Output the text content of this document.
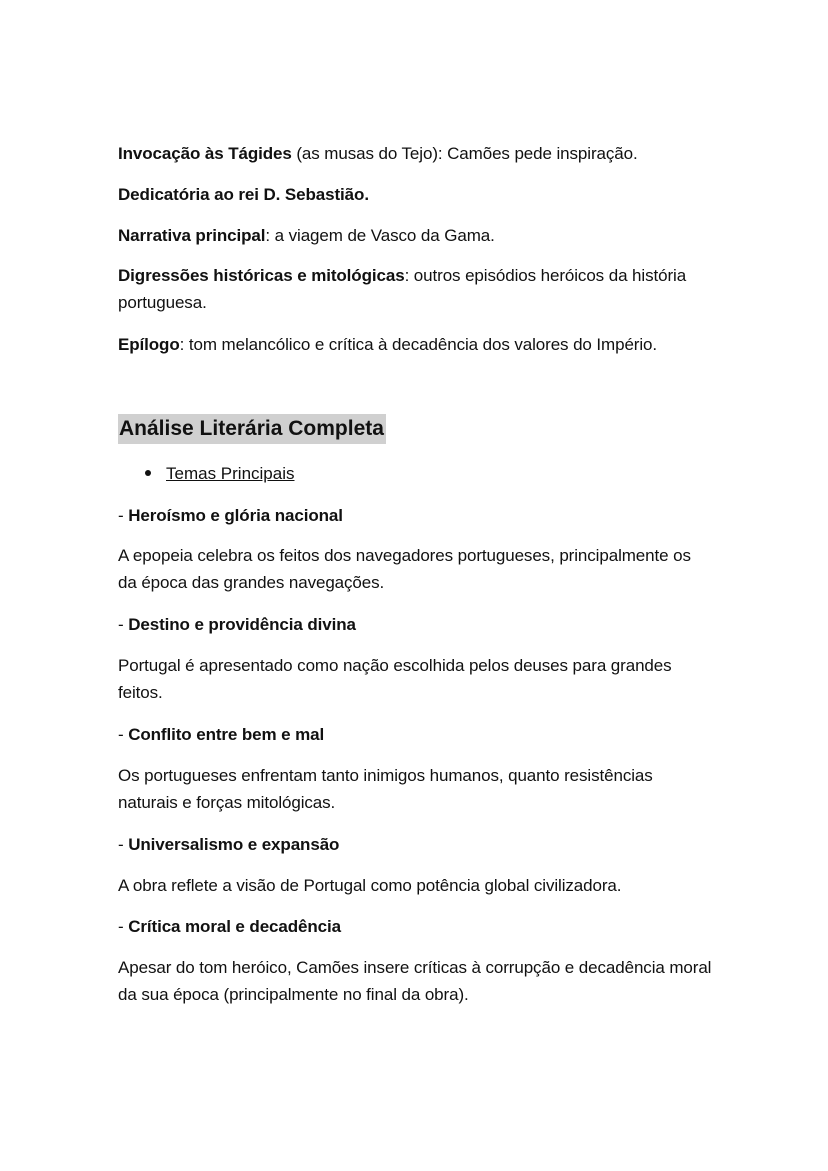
Invocação às Tágides (as musas do Tejo): Camões pede inspiração.
Dedicatória ao rei D. Sebastião.
Narrativa principal: a viagem de Vasco da Gama.
Digressões históricas e mitológicas: outros episódios heróicos da história portuguesa.
Epílogo: tom melancólico e crítica à decadência dos valores do Império.
Análise Literária Completa
Temas Principais
- Heroísmo e glória nacional
A epopeia celebra os feitos dos navegadores portugueses, principalmente os da época das grandes navegações.
- Destino e providência divina
Portugal é apresentado como nação escolhida pelos deuses para grandes feitos.
- Conflito entre bem e mal
Os portugueses enfrentam tanto inimigos humanos, quanto resistências naturais e forças mitológicas.
- Universalismo e expansão
A obra reflete a visão de Portugal como potência global civilizadora.
- Crítica moral e decadência
Apesar do tom heróico, Camões insere críticas à corrupção e decadência moral da sua época (principalmente no final da obra).
